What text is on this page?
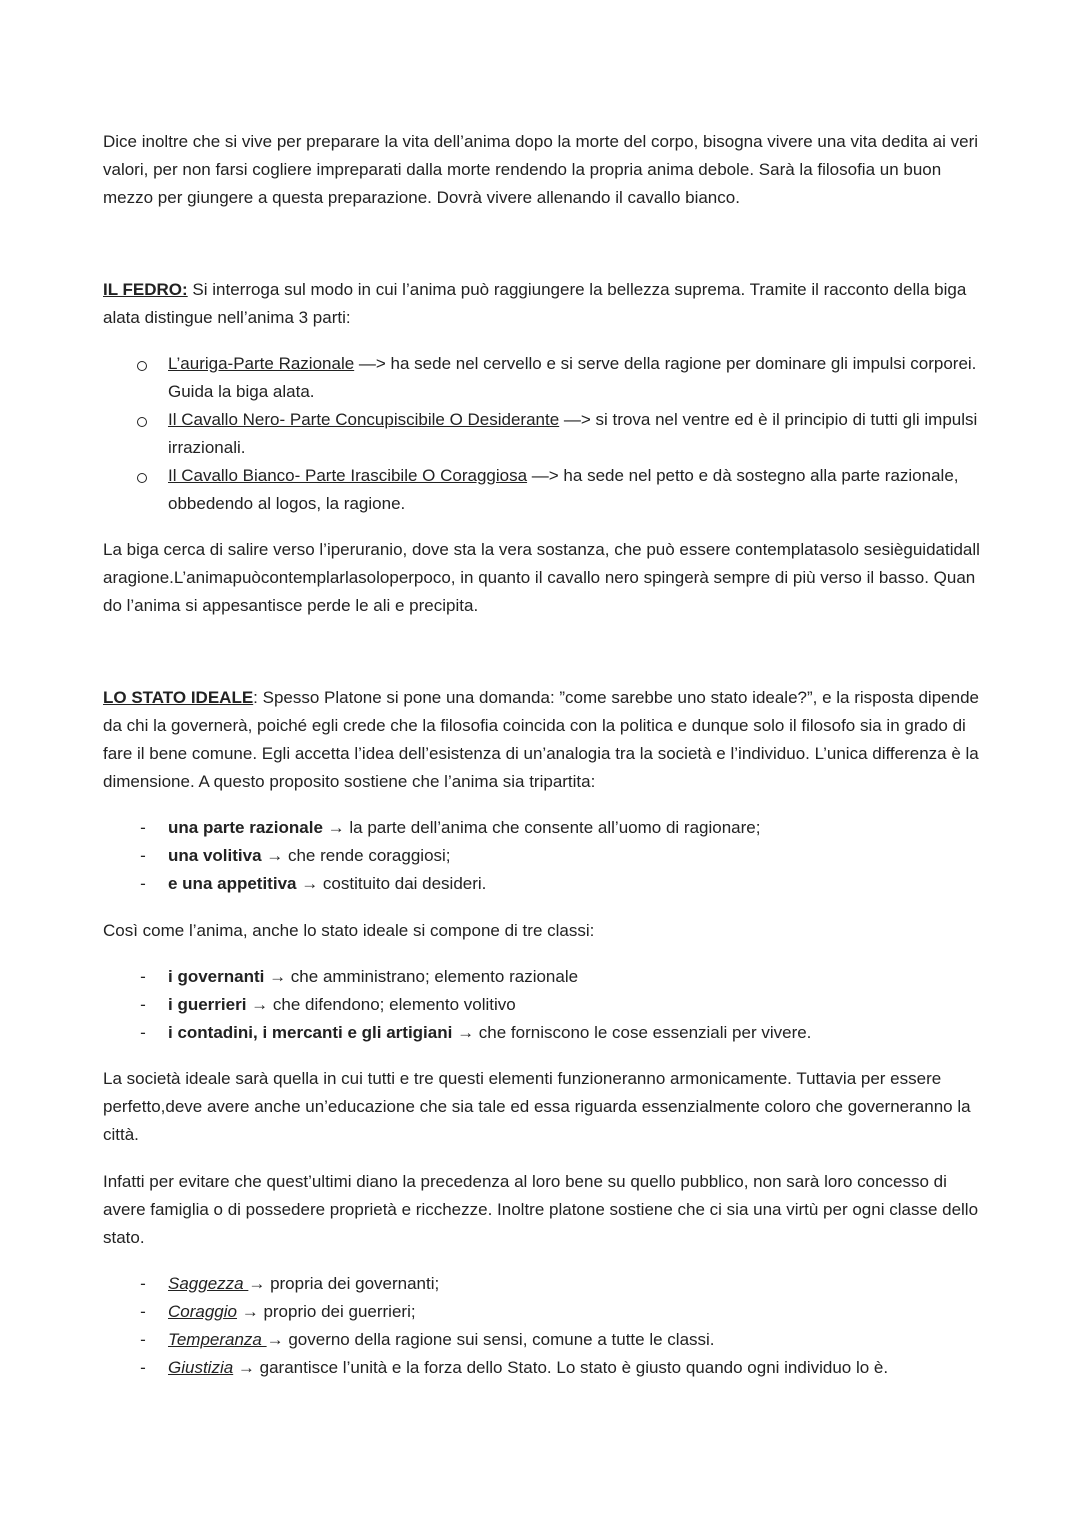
Dice inoltre che si vive per preparare la vita dell’anima dopo la morte del corpo, bisogna vivere una vita dedita ai veri valori, per non farsi cogliere impreparati dalla morte rendendo la propria anima debole. Sarà la filosofia un buon mezzo per giungere a questa preparazione. Dovrà vivere allenando il cavallo bianco.

IL FEDRO: Si interroga sul modo in cui l’anima può raggiungere la bellezza suprema. Tramite il racconto della biga alata distingue nell’anima 3 parti:

L’auriga-Parte Razionale —> ha sede nel cervello e si serve della ragione per dominare gli impulsi corporei. Guida la biga alata.
Il Cavallo Nero- Parte Concupiscibile O Desiderante —> si trova nel ventre ed è il principio di tutti gli impulsi irrazionali.
Il Cavallo Bianco- Parte Irascibile O Coraggiosa —> ha sede nel petto e dà sostegno alla parte razionale, obbedendo al logos, la ragione.

La biga cerca di salire verso l’iperuranio, dove sta la vera sostanza, che può essere contemplatasolo sesièguidatidallaragione.L’animapuòcontemplarlasoloperpoco, in quanto il cavallo nero spingerà sempre di più verso il basso. Quando l’anima si appesantisce perde le ali e precipita.

LO STATO IDEALE: Spesso Platone si pone una domanda: ”come sarebbe uno stato ideale?”, e la risposta dipende da chi la governerà, poiché egli crede che la filosofia coincida con la politica e dunque solo il filosofo sia in grado di fare il bene comune. Egli accetta l’idea dell’esistenza di un’analogia tra la società e l’individuo. L’unica differenza è la dimensione. A questo proposito sostiene che l’anima sia tripartita:

- una parte razionale → la parte dell’anima che consente all’uomo di ragionare;
- una volitiva → che rende coraggiosi;
- e una appetitiva → costituito dai desideri.

Così come l’anima, anche lo stato ideale si compone di tre classi:

- i governanti → che amministrano; elemento razionale
- i guerrieri → che difendono; elemento volitivo
- i contadini, i mercanti e gli artigiani → che forniscono le cose essenziali per vivere.

La società ideale sarà quella in cui tutti e tre questi elementi funzioneranno armonicamente. Tuttavia per essere perfetto,deve avere anche un’educazione che sia tale ed essa riguarda essenzialmente coloro che governeranno la città.

Infatti per evitare che quest’ultimi diano la precedenza al loro bene su quello pubblico, non sarà loro concesso di avere famiglia o di possedere proprietà e ricchezze. Inoltre platone sostiene che ci sia una virtù per ogni classe dello stato.

- Saggezza → propria dei governanti;
- Coraggio → proprio dei guerrieri;
- Temperanza → governo della ragione sui sensi, comune a tutte le classi.
- Giustizia → garantisce l’unità e la forza dello Stato. Lo stato è giusto quando ogni individuo lo è.
